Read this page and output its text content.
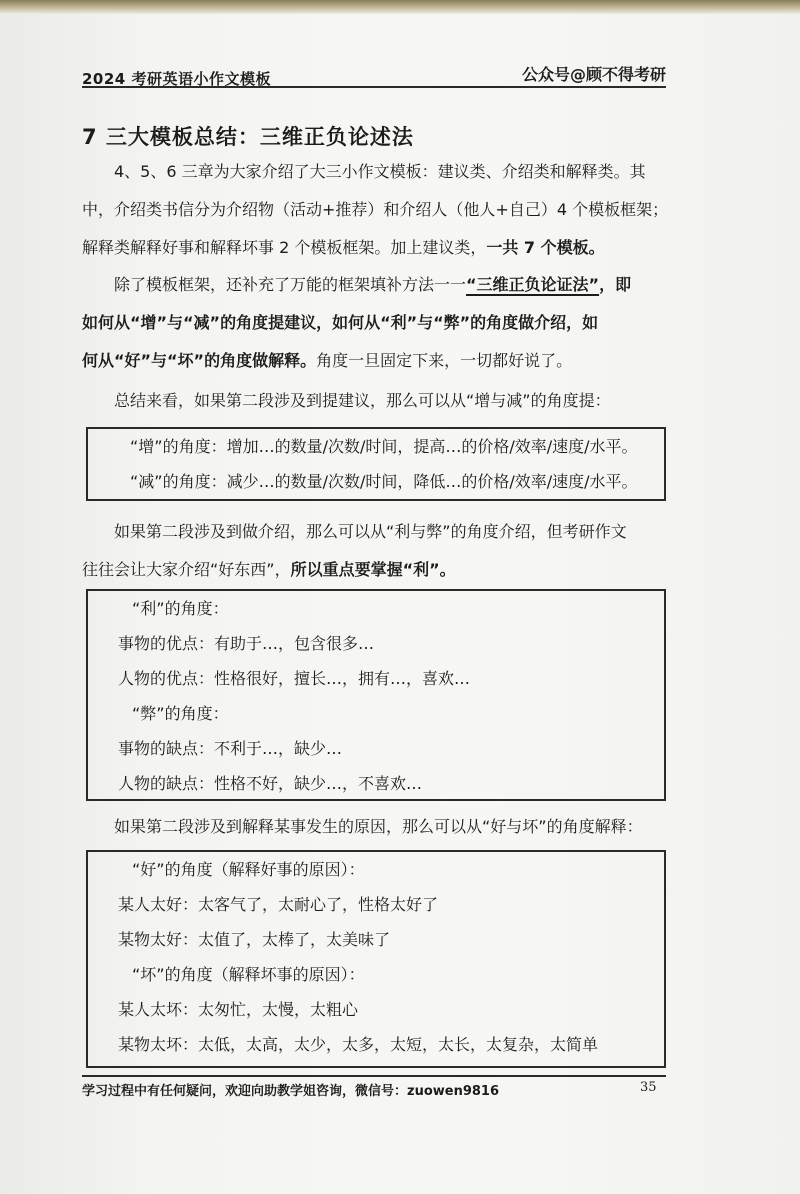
2024 考研英语小作文模板	公众号@顾不得考研
7 三大模板总结：三维正负论述法
4、5、6 三章为大家介绍了大三小作文模板：建议类、介绍类和解释类。其
中，介绍类书信分为介绍物（活动+推荐）和介绍人（他人+自己）4 个模板框架；
解释类解释好事和解释坏事 2 个模板框架。加上建议类，一共 7 个模板。
除了模板框架，还补充了万能的框架填补方法一一“三维正负论证法”，即
如何从“增”与“减”的角度提建议，如何从“利”与“弊”的角度做介绍，如
何从“好”与“坏”的角度做解释。角度一旦固定下来，一切都好说了。
总结来看，如果第二段涉及到提建议，那么可以从“增与减”的角度提：
“增”的角度：增加…的数量/次数/时间，提高…的价格/效率/速度/水平。
“减”的角度：减少…的数量/次数/时间，降低…的价格/效率/速度/水平。
如果第二段涉及到做介绍，那么可以从“利与弊”的角度介绍，但考研作文
往往会让大家介绍“好东西”，所以重点要掌握“利”。
“利”的角度：
事物的优点：有助于…，包含很多…
人物的优点：性格很好，擅长…，拥有…，喜欢…
“弊”的角度：
事物的缺点：不利于…，缺少…
人物的缺点：性格不好，缺少…，不喜欢…
如果第二段涉及到解释某事发生的原因，那么可以从“好与坏”的角度解释：
“好”的角度（解释好事的原因）：
某人太好：太客气了，太耐心了，性格太好了
某物太好：太值了，太棒了，太美味了
“坏”的角度（解释坏事的原因）：
某人太坏：太匆忙，太慢，太粗心
某物太坏：太低，太高，太少，太多，太短，太长，太复杂，太简单
学习过程中有任何疑问，欢迎向助教学姐咨询，微信号：zuowen9816	35
